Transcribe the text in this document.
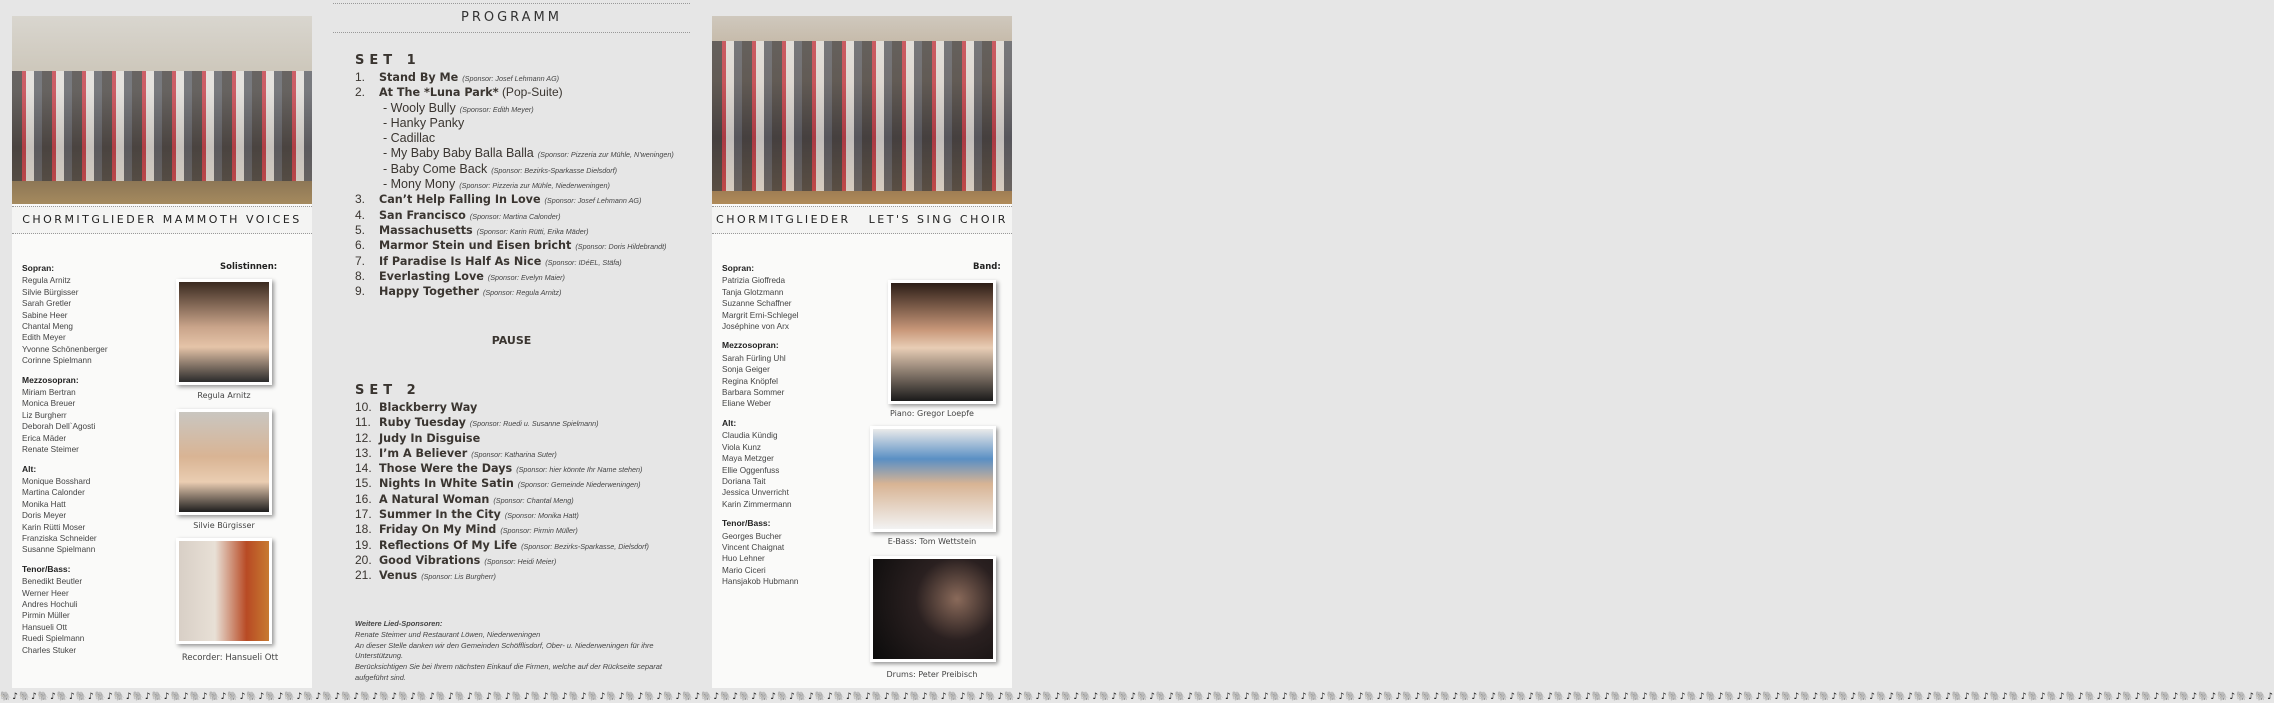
CHORMITGLIEDER MAMMOTH VOICES
Sopran:
Regula Arnitz
Silvie Bürgisser
Sarah Gretler
Sabine Heer
Chantal Meng
Edith Meyer
Yvonne Schönenberger
Corinne Spielmann
Mezzosopran:
Miriam Bertran
Monica Breuer
Liz Burgherr
Deborah Dell`Agosti
Erica Mäder
Renate Steimer
Alt:
Monique Bosshard
Martina Calonder
Monika Hatt
Doris Meyer
Karin Rütti Moser
Franziska Schneider
Susanne Spielmann
Tenor/Bass:
Benedikt Beutler
Werner Heer
Andres Hochuli
Pirmin Müller
Hansueli Ott
Ruedi Spielmann
Charles Stuker
Solistinnen:
Regula Arnitz
Silvie Bürgisser
Recorder: Hansueli Ott
PROGRAMM
SET 1
1. Stand By Me (Sponsor: Josef Lehmann AG)
2. At The *Luna Park* (Pop-Suite)
- Wooly Bully (Sponsor: Edith Meyer)
- Hanky Panky
- Cadillac
- My Baby Baby Balla Balla (Sponsor: Pizzeria zur Mühle, N'weningen)
- Baby Come Back (Sponsor: Bezirks-Sparkasse Dielsdorf)
- Mony Mony (Sponsor: Pizzeria zur Mühle, Niederweningen)
3. Can’t Help Falling In Love (Sponsor: Josef Lehmann AG)
4. San Francisco (Sponsor: Martina Calonder)
5. Massachusetts (Sponsor: Karin Rütti, Erika Mäder)
6. Marmor Stein und Eisen bricht (Sponsor: Doris Hildebrandt)
7. If Paradise Is Half As Nice (Sponsor: IDéEL, Stäfa)
8. Everlasting Love (Sponsor: Evelyn Maier)
9. Happy Together (Sponsor: Regula Arnitz)
PAUSE
SET 2
10. Blackberry Way
11. Ruby Tuesday (Sponsor: Ruedi u. Susanne Spielmann)
12. Judy In Disguise
13. I’m A Believer (Sponsor: Katharina Suter)
14. Those Were the Days (Sponsor: hier könnte Ihr Name stehen)
15. Nights In White Satin (Sponsor: Gemeinde Niederweningen)
16. A Natural Woman (Sponsor: Chantal Meng)
17. Summer In the City (Sponsor: Monika Hatt)
18. Friday On My Mind (Sponsor: Pirmin Müller)
19. Reflections Of My Life (Sponsor: Bezirks-Sparkasse, Dielsdorf)
20. Good Vibrations (Sponsor: Heidi Meier)
21. Venus (Sponsor: Lis Burgherr)
Weitere Lied-Sponsoren:
Renate Steimer und Restaurant Löwen, Niederweningen
An dieser Stelle danken wir den Gemeinden Schöfflisdorf, Ober- u. Niederweningen für ihre Unterstützung.
Berücksichtigen Sie bei Ihrem nächsten Einkauf die Firmen, welche auf der Rückseite separat aufgeführt sind.
CHORMITGLIEDER   LET'S SING CHOIR
Sopran:
Patrizia Gioffreda
Tanja Glotzmann
Suzanne Schaffner
Margrit Erni-Schlegel
Joséphine von Arx
Mezzosopran:
Sarah Fürling Uhl
Sonja Geiger
Regina Knöpfel
Barbara Sommer
Eliane Weber
Alt:
Claudia Kündig
Viola Kunz
Maya Metzger
Ellie Oggenfuss
Doriana Tait
Jessica Unverricht
Karin Zimmermann
Tenor/Bass:
Georges Bucher
Vincent Chaignat
Huo Lehner
Mario Ciceri
Hansjakob Hubmann
Band:
Piano: Gregor Loepfe
E-Bass: Tom Wettstein
Drums: Peter Preibisch
🐘♪🐘♪🐘♪🐘♪🐘♪🐘♪🐘♪🐘♪🐘♪🐘♪🐘♪🐘♪🐘♪🐘♪🐘♪🐘♪🐘♪🐘♪🐘♪🐘♪🐘♪🐘♪🐘♪🐘♪🐘♪🐘♪🐘♪🐘♪🐘♪🐘♪🐘♪🐘♪🐘♪🐘♪🐘♪🐘♪🐘♪🐘♪🐘♪🐘♪🐘♪🐘♪🐘♪🐘♪🐘♪🐘♪🐘♪🐘♪🐘♪🐘♪🐘♪🐘♪🐘♪🐘♪🐘♪🐘♪🐘♪🐘♪🐘♪🐘♪🐘♪🐘♪🐘♪🐘♪🐘♪🐘♪🐘♪🐘♪🐘♪🐘♪🐘♪🐘♪🐘♪🐘♪🐘♪🐘♪🐘♪🐘♪🐘♪🐘♪🐘♪🐘♪🐘♪🐘♪🐘♪🐘♪🐘♪🐘♪🐘♪🐘♪🐘♪🐘♪🐘♪🐘♪🐘♪🐘♪🐘♪🐘♪🐘♪🐘♪🐘♪🐘♪🐘♪🐘♪🐘♪🐘♪🐘♪🐘♪🐘♪🐘♪🐘♪🐘♪🐘♪🐘♪🐘♪🐘♪🐘♪🐘♪🐘♪🐘♪
